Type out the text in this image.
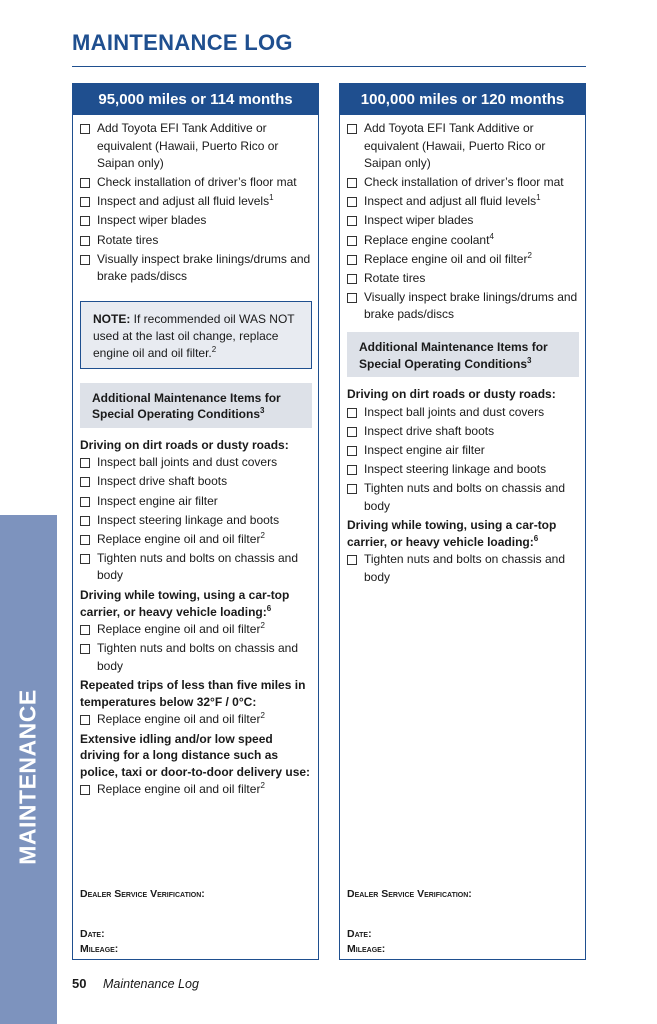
MAINTENANCE LOG
MAINTENANCE
95,000 miles or 114 months
Add Toyota EFI Tank Additive or equivalent (Hawaii, Puerto Rico or Saipan only)
Check installation of driver’s floor mat
Inspect and adjust all fluid levels$^1$
Inspect wiper blades
Rotate tires
Visually inspect brake linings/drums and brake pads/discs
NOTE: If recommended oil WAS NOT used at the last oil change, replace engine oil and oil filter.$^2$
Additional Maintenance Items for Special Operating Conditions$^3$
Driving on dirt roads or dusty roads:
Inspect ball joints and dust covers
Inspect drive shaft boots
Inspect engine air filter
Inspect steering linkage and boots
Replace engine oil and oil filter$^2$
Tighten nuts and bolts on chassis and body
Driving while towing, using a car-top carrier, or heavy vehicle loading:$^6$
Replace engine oil and oil filter$^2$
Tighten nuts and bolts on chassis and body
Repeated trips of less than five miles in temperatures below 32°F / 0°C:
Replace engine oil and oil filter$^2$
Extensive idling and/or low speed driving for a long distance such as police, taxi or door-to-door delivery use:
Replace engine oil and oil filter$^2$
Dealer Service Verification:
Date:
Mileage:
100,000 miles or 120 months
Add Toyota EFI Tank Additive or equivalent (Hawaii, Puerto Rico or Saipan only)
Check installation of driver’s floor mat
Inspect and adjust all fluid levels$^1$
Inspect wiper blades
Replace engine coolant$^4$
Replace engine oil and oil filter$^2$
Rotate tires
Visually inspect brake linings/drums and brake pads/discs
Additional Maintenance Items for Special Operating Conditions$^3$
Driving on dirt roads or dusty roads:
Inspect ball joints and dust covers
Inspect drive shaft boots
Inspect engine air filter
Inspect steering linkage and boots
Tighten nuts and bolts on chassis and body
Driving while towing, using a car-top carrier, or heavy vehicle loading:$^6$
Tighten nuts and bolts on chassis and body
Dealer Service Verification:
Date:
Mileage:
50 Maintenance Log
